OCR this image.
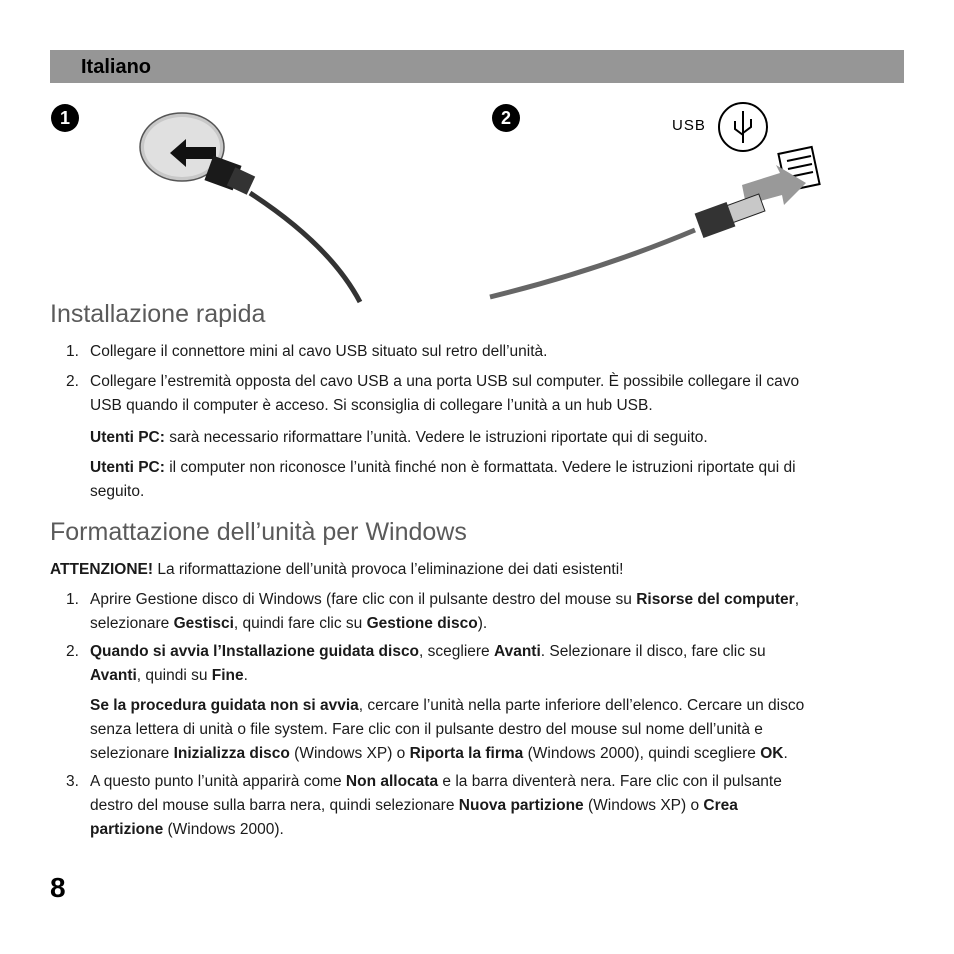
Italiano
1	2	USB
Installazione rapida
1. Collegare il connettore mini al cavo USB situato sul retro dell’unità.
2. Collegare l’estremità opposta del cavo USB a una porta USB sul computer. È possibile collegare il cavo
USB quando il computer è acceso. Si sconsiglia di collegare l’unità a un hub USB.
Utenti PC: sarà necessario riformattare l’unità. Vedere le istruzioni riportate qui di seguito.
Utenti PC: il computer non riconosce l’unità finché non è formattata. Vedere le istruzioni riportate qui di
seguito.
Formattazione dell’unità per Windows
ATTENZIONE! La riformattazione dell’unità provoca l’eliminazione dei dati esistenti!
1. Aprire Gestione disco di Windows (fare clic con il pulsante destro del mouse su Risorse del computer,
selezionare Gestisci, quindi fare clic su Gestione disco).
2. Quando si avvia l’Installazione guidata disco, scegliere Avanti. Selezionare il disco, fare clic su
Avanti, quindi su Fine.
Se la procedura guidata non si avvia, cercare l’unità nella parte inferiore dell’elenco. Cercare un disco
senza lettera di unità o file system. Fare clic con il pulsante destro del mouse sul nome dell’unità e
selezionare Inizializza disco (Windows XP) o Riporta la firma (Windows 2000), quindi scegliere OK.
3. A questo punto l’unità apparirà come Non allocata e la barra diventerà nera. Fare clic con il pulsante
destro del mouse sulla barra nera, quindi selezionare Nuova partizione (Windows XP) o Crea
partizione (Windows 2000).
8
